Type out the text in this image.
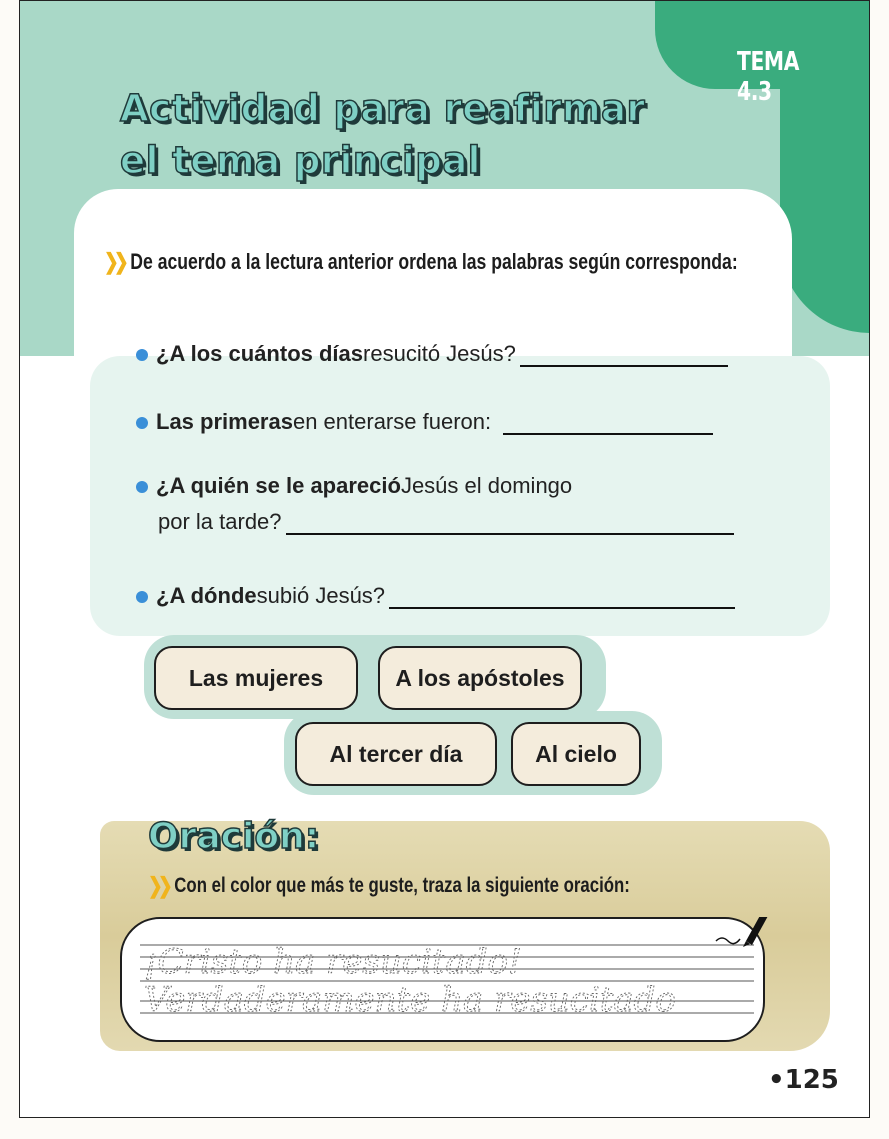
TEMA 4.3
Actividad para reafirmar
el tema principal
❯❯ De acuerdo a la lectura anterior ordena las palabras según corresponda:
¿A los cuántos días resucitó Jesús?
Las primeras en enterarse fueron:
¿A quién se le apareció Jesús el domingo
por la tarde?
¿A dónde subió Jesús?
Las mujeres	A los apóstoles
Al tercer día	Al cielo
Oración:
❯❯ Con el color que más te guste, traza la siguiente oración:
¡Cristo ha resucitado!
Verdaderamente ha resucitado
•125
